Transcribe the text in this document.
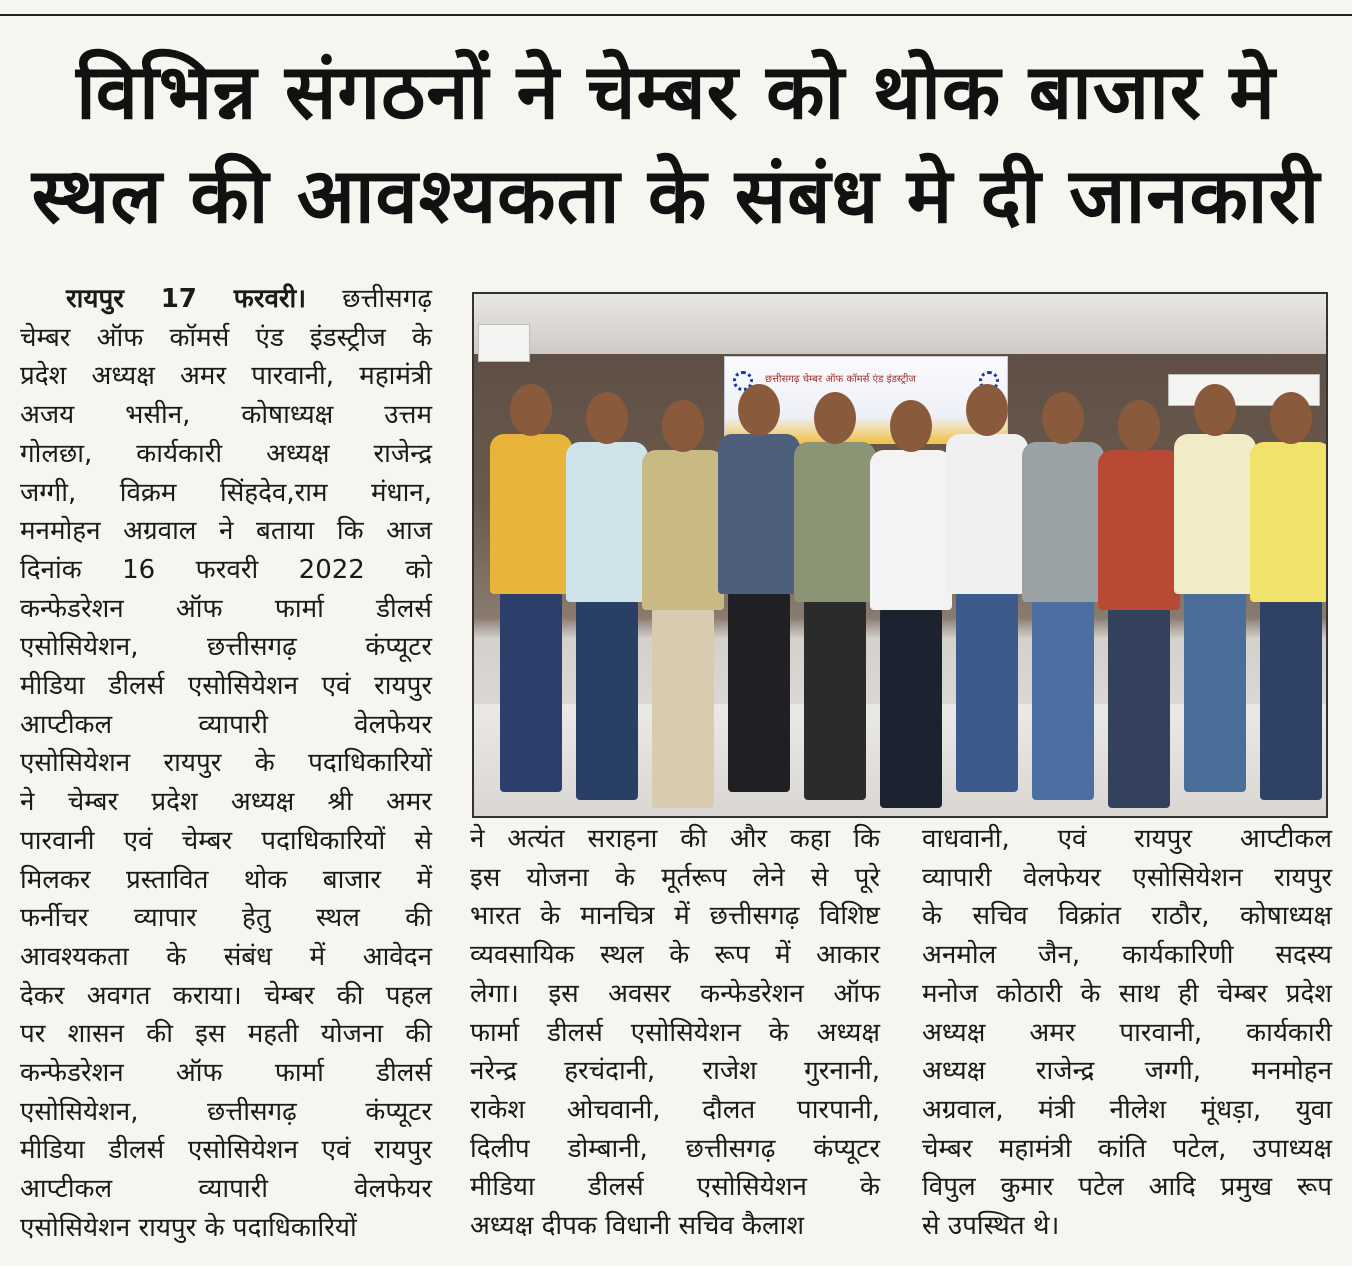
विभिन्न संगठनों ने चेम्बर को थोक बाजार मे
स्थल की आवश्यकता के संबंध मे दी जानकारी

रायपुर 17 फरवरी। छत्तीसगढ़

चेम्बर ऑफ कॉमर्स एंड इंडस्ट्रीज के

प्रदेश अध्यक्ष अमर पारवानी, महामंत्री

अजय भसीन, कोषाध्यक्ष उत्तम

गोलछा, कार्यकारी अध्यक्ष राजेन्द्र

जग्गी, विक्रम सिंहदेव,राम मंधान,

मनमोहन अग्रवाल ने बताया कि आज

दिनांक 16 फरवरी 2022 को

कन्फेडरेशन ऑफ फार्मा डीलर्स

एसोसियेशन, छत्तीसगढ़ कंप्यूटर

मीडिया डीलर्स एसोसियेशन एवं रायपुर

आप्टीकल व्यापारी वेलफेयर

एसोसियेशन रायपुर के पदाधिकारियों

ने चेम्बर प्रदेश अध्यक्ष श्री अमर

पारवानी एवं चेम्बर पदाधिकारियों से

मिलकर प्रस्तावित थोक बाजार में

फर्नीचर व्यापार हेतु स्थल की

आवश्यकता के संबंध में आवेदन

देकर अवगत कराया। चेम्बर की पहल

पर शासन की इस महती योजना की

कन्फेडरेशन ऑफ फार्मा डीलर्स

एसोसियेशन, छत्तीसगढ़ कंप्यूटर

मीडिया डीलर्स एसोसियेशन एवं रायपुर

आप्टीकल व्यापारी वेलफेयर

एसोसियेशन रायपुर के पदाधिकारियों

छत्तीसगढ़ चेम्बर ऑफ कॉमर्स एंड इंडस्ट्रीज

ने अत्यंत सराहना की और कहा कि

इस योजना के मूर्तरूप लेने से पूरे

भारत के मानचित्र में छत्तीसगढ़ विशिष्ट

व्यवसायिक स्थल के रूप में आकार

लेगा। इस अवसर कन्फेडरेशन ऑफ

फार्मा डीलर्स एसोसियेशन के अध्यक्ष

नरेन्द्र हरचंदानी, राजेश गुरनानी,

राकेश ओचवानी, दौलत पारपानी,

दिलीप डोम्बानी, छत्तीसगढ़ कंप्यूटर

मीडिया डीलर्स एसोसियेशन के

अध्यक्ष दीपक विधानी सचिव कैलाश

वाधवानी, एवं रायपुर आप्टीकल

व्यापारी वेलफेयर एसोसियेशन रायपुर

के सचिव विक्रांत राठौर, कोषाध्यक्ष

अनमोल जैन, कार्यकारिणी सदस्य

मनोज कोठारी के साथ ही चेम्बर प्रदेश

अध्यक्ष अमर पारवानी, कार्यकारी

अध्यक्ष राजेन्द्र जग्गी, मनमोहन

अग्रवाल, मंत्री नीलेश मूंधड़ा, युवा

चेम्बर महामंत्री कांति पटेल, उपाध्यक्ष

विपुल कुमार पटेल आदि प्रमुख रूप

से उपस्थित थे।
